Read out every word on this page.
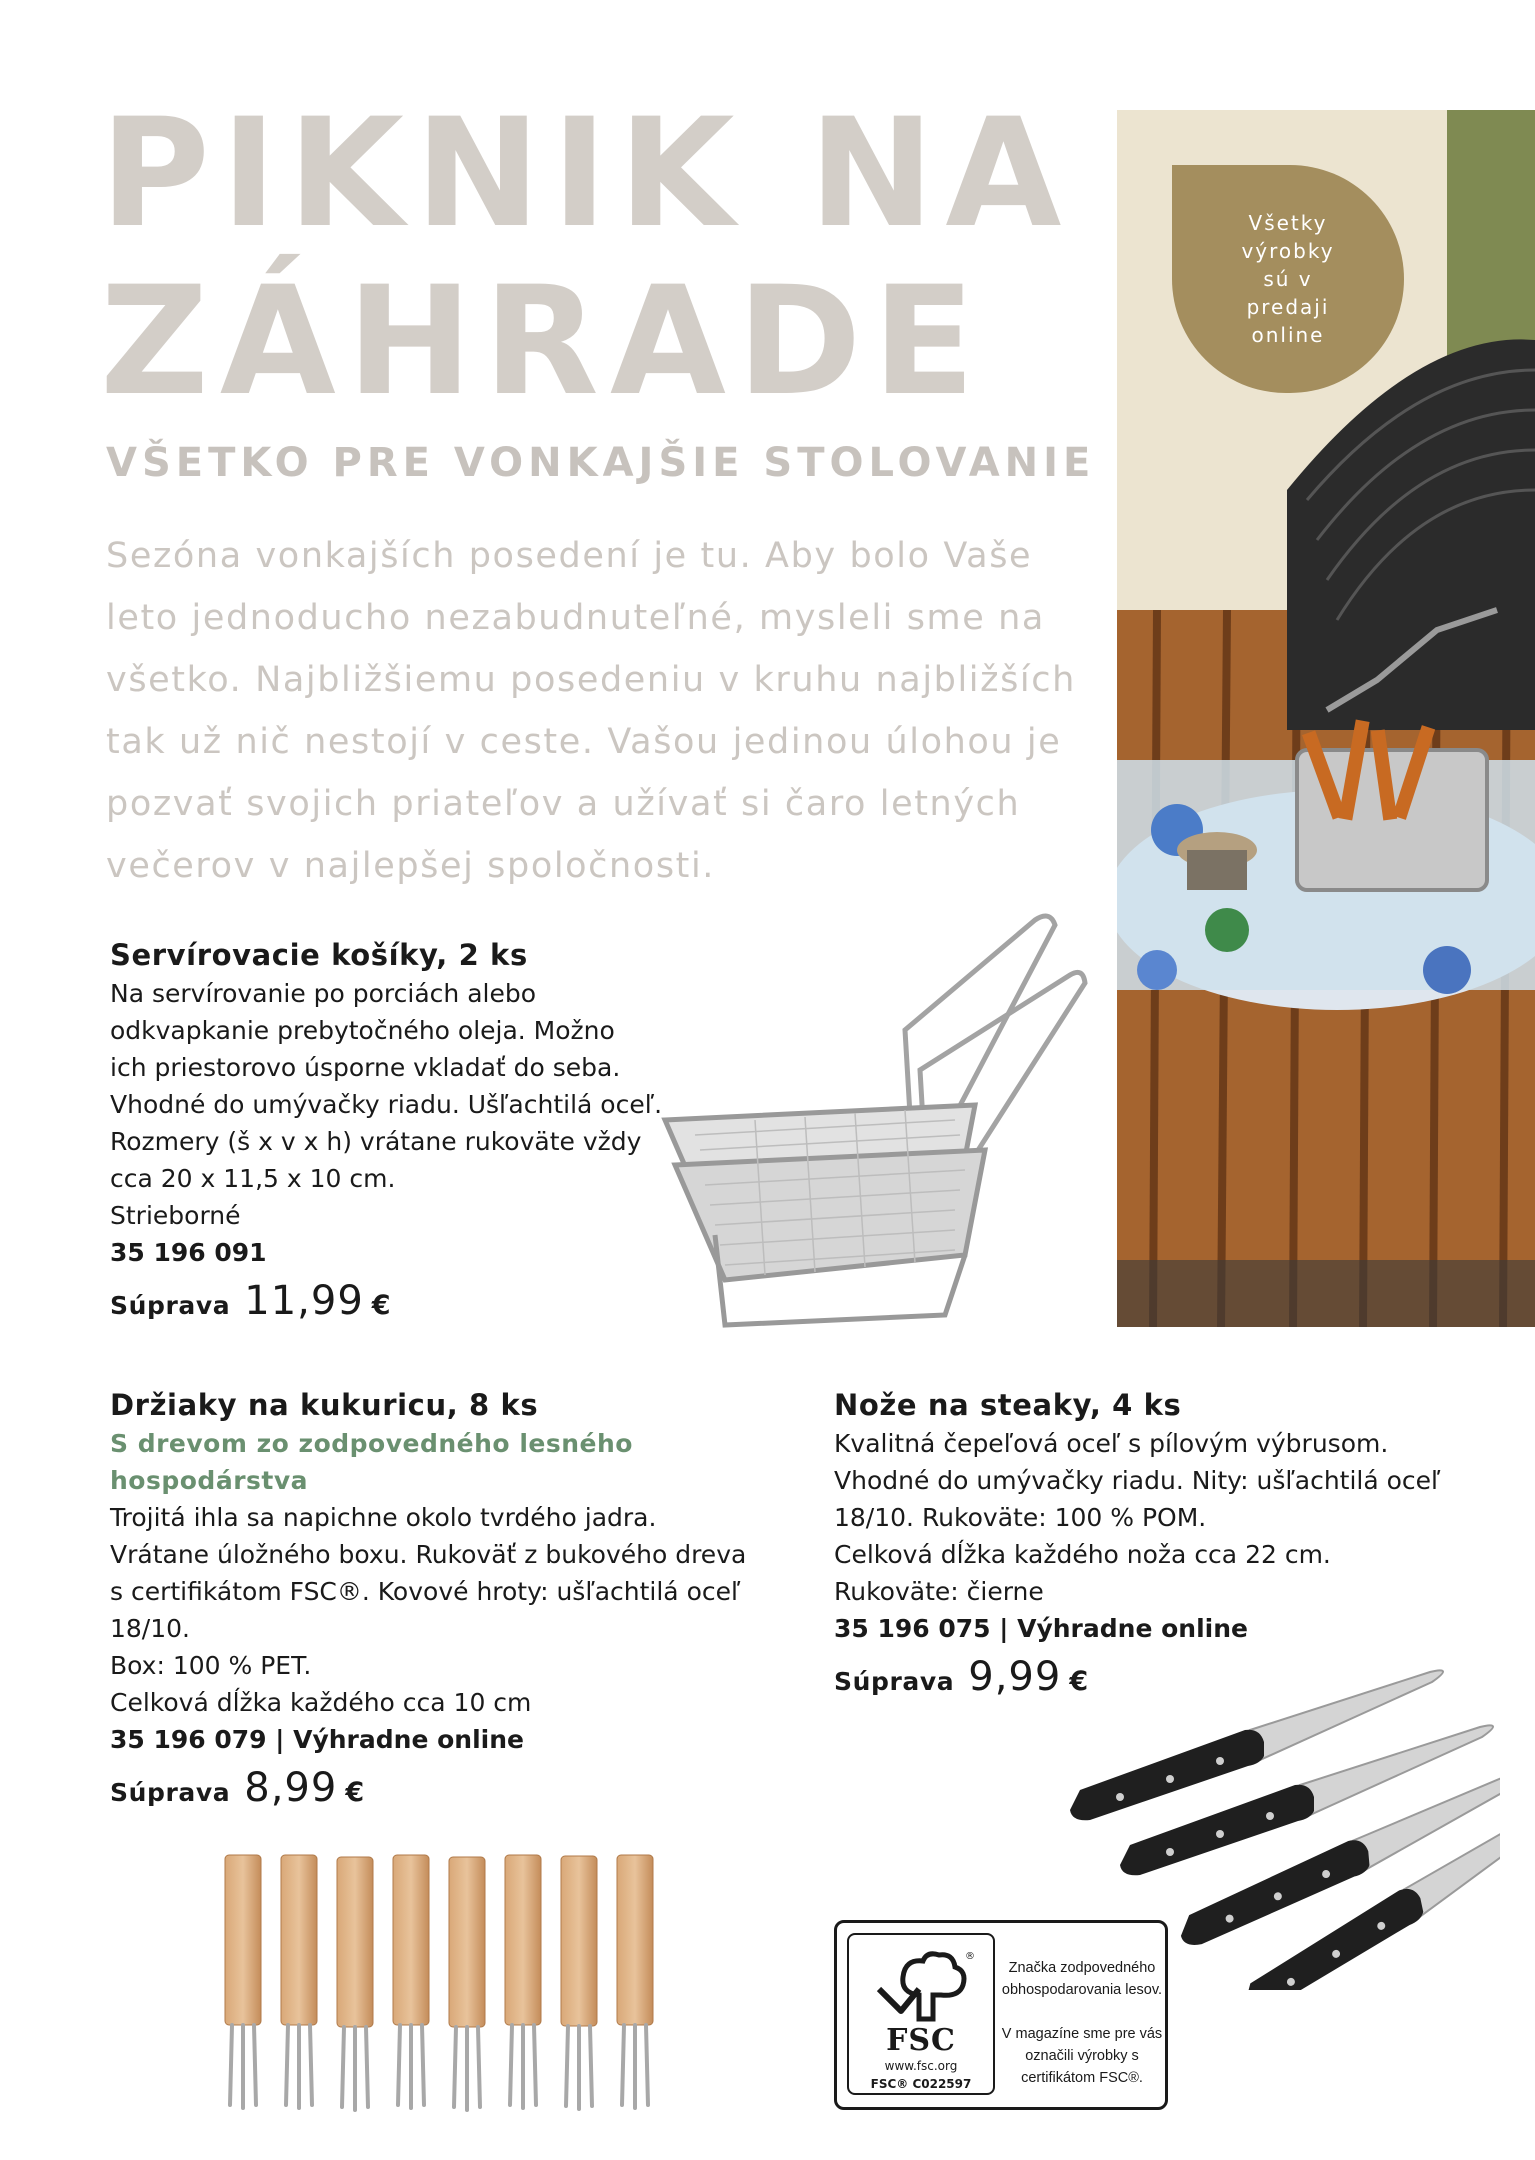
PIKNIK NA
ZÁHRADE
VŠETKO PRE VONKAJŠIE STOLOVANIE

Sezóna vonkajších posedení je tu. Aby bolo Vaše leto jednoducho nezabudnuteľné, mysleli sme na všetko. Najbližšiemu posedeniu v kruhu najbližších tak už nič nestojí v ceste. Vašou jedinou úlohou je pozvať svojich priateľov a užívať si čaro letných večerov v najlepšej spoločnosti.

Všetky výrobky sú v predaji online
Servírovacie košíky, 2 ks

Na servírovanie po porciách alebo

odkvapkanie prebytočného oleja. Možno

ich priestorovo úsporne vkladať do seba.

Vhodné do umývačky riadu. Ušľachtilá oceľ.

Rozmery (š x v x h) vrátane rukoväte vždy

cca 20 x 11,5 x 10 cm.

Strieborné

35 196 091

Súprava 11,99 €
Držiaky na kukuricu, 8 ks

S drevom zo zodpovedného lesného hospodárstva

Trojitá ihla sa napichne okolo tvrdého jadra.

Vrátane úložného boxu. Rukoväť z bukového dreva

s certifikátom FSC®. Kovové hroty: ušľachtilá oceľ 18/10.

Box: 100 % PET.

Celková dĺžka každého cca 10 cm

35 196 079 | Výhradne online

Súprava 8,99 €
Nože na steaky, 4 ks

Kvalitná čepeľová oceľ s pílovým výbrusom.

Vhodné do umývačky riadu. Nity: ušľachtilá oceľ

18/10. Rukoväte: 100 % POM.

Celková dĺžka každého noža cca 22 cm.

Rukoväte: čierne

35 196 075 | Výhradne online

Súprava 9,99 €
®
FSC
www.fsc.org
FSC® C022597

Značka zodpovedného obhospodarovania lesov.

V magazíne sme pre vás označili výrobky s certifikátom FSC®.
